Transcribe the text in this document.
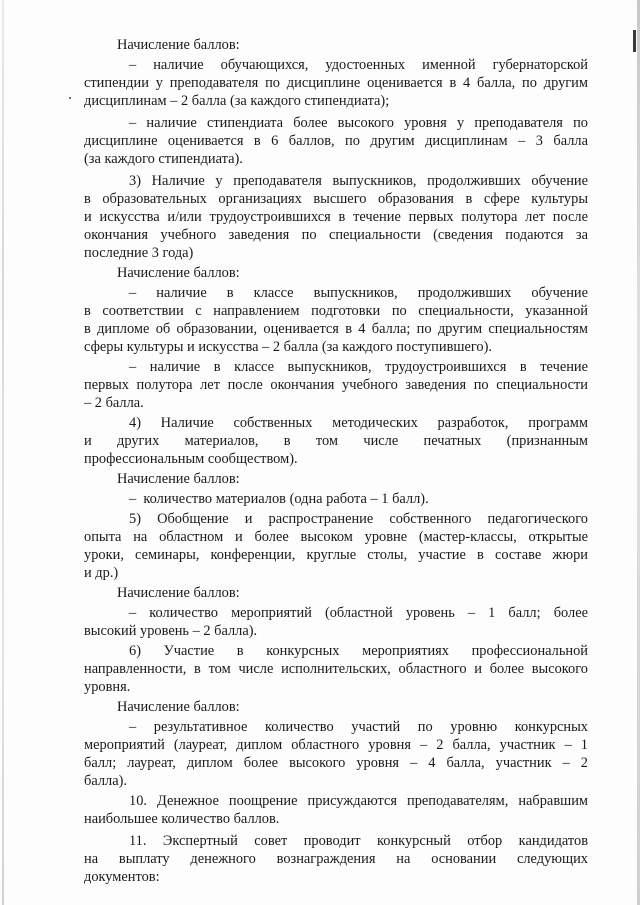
Начисление баллов:
– наличие обучающихся, удостоенных именной губернаторской
стипендии у преподавателя по дисциплине оценивается в 4 балла, по другим
дисциплинам – 2 балла (за каждого стипендиата);
– наличие стипендиата более высокого уровня у преподавателя по
дисциплине оценивается в 6 баллов, по другим дисциплинам – 3 балла
(за каждого стипендиата).
3) Наличие у преподавателя выпускников, продолживших обучение
в образовательных организациях высшего образования в сфере культуры
и искусства и/или трудоустроившихся в течение первых полутора лет после
окончания учебного заведения по специальности (сведения подаются за
последние 3 года)
Начисление баллов:
– наличие в классе выпускников, продолживших обучение
в соответствии с направлением подготовки по специальности, указанной
в дипломе об образовании, оценивается в 4 балла; по другим специальностям
сферы культуры и искусства – 2 балла (за каждого поступившего).
– наличие в классе выпускников, трудоустроившихся в течение
первых полутора лет после окончания учебного заведения по специальности
– 2 балла.
4) Наличие собственных методических разработок, программ
и других материалов, в том числе печатных (признанным
профессиональным сообществом).
Начисление баллов:
–  количество материалов (одна работа – 1 балл).
5) Обобщение и распространение собственного педагогического
опыта на областном и более высоком уровне (мастер-классы, открытые
уроки, семинары, конференции, круглые столы, участие в составе жюри
и др.)
Начисление баллов:
– количество мероприятий (областной уровень – 1 балл; более
высокий уровень – 2 балла).
6) Участие в конкурсных мероприятиях профессиональной
направленности, в том числе исполнительских, областного и более высокого
уровня.
Начисление баллов:
– результативное количество участий по уровню конкурсных
мероприятий (лауреат, диплом областного уровня – 2 балла, участник – 1
балл; лауреат, диплом более высокого уровня – 4 балла, участник – 2
балла).
10. Денежное поощрение присуждаются преподавателям, набравшим
наибольшее количество баллов.
11. Экспертный совет проводит конкурсный отбор кандидатов
на выплату денежного вознаграждения на основании следующих
документов:
